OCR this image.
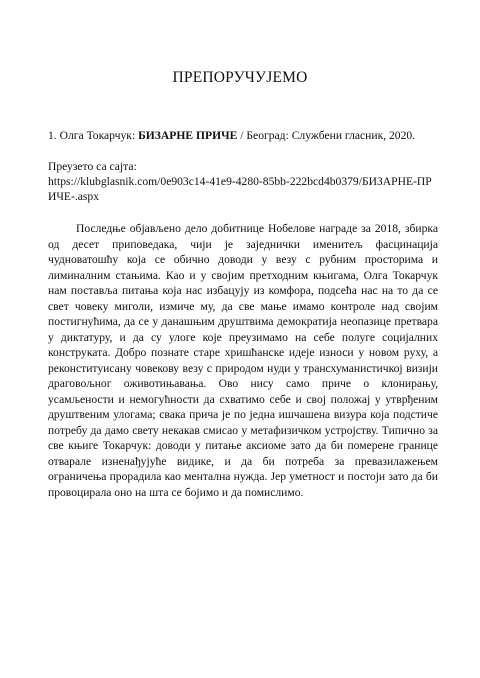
ПРЕПОРУЧУЈЕМО
1. Олга Токарчук: БИЗАРНЕ ПРИЧЕ / Београд: Службени гласник, 2020.
Преузето са сајта:
https://klubglasnik.com/0e903c14-41e9-4280-85bb-222bcd4b0379/БИЗАРНЕ-ПРИЧЕ-.aspx

Последње објављено дело добитнице Нобелове награде за 2018, збирка од десет приповедака, чији је заједнички именитељ фасцинација чудноватошћу која се обично доводи у везу с рубним просторима и лиминалним стањима. Као и у својим претходним књигама, Олга Токарчук нам поставља питања која нас избацују из комфора, подсећа нас на то да се свет човеку миголи, измиче му, да све мање имамо контроле над својим постигнућима, да се у данашњим друштвима демократија неопазице претвара у диктатуру, и да су улоге које преузимамо на себе полуге социјалних конструката. Добро познате старе хришћанске идеје износи у новом руху, а реконституисану човекову везу с природом нуди у трансхуманистичкој визији драговољног оживотињавања. Ово нису само приче о клонирању, усамљености и немогућности да схватимо себе и свој положај у утврђеним друштвеним улогама; свака прича је по једна ишчашена визура која подстиче потребу да дамо свету некакав смисао у метафизичком устројству. Типично за све књиге Токарчук: доводи у питање аксиоме зато да би померене границе отварале изненађујуће видике, и да би потреба за превазилажењем ограничења прорадила као ментална нужда. Јер уметност и постоји зато да би провоцирала оно на шта се бојимо и да помислимо.
